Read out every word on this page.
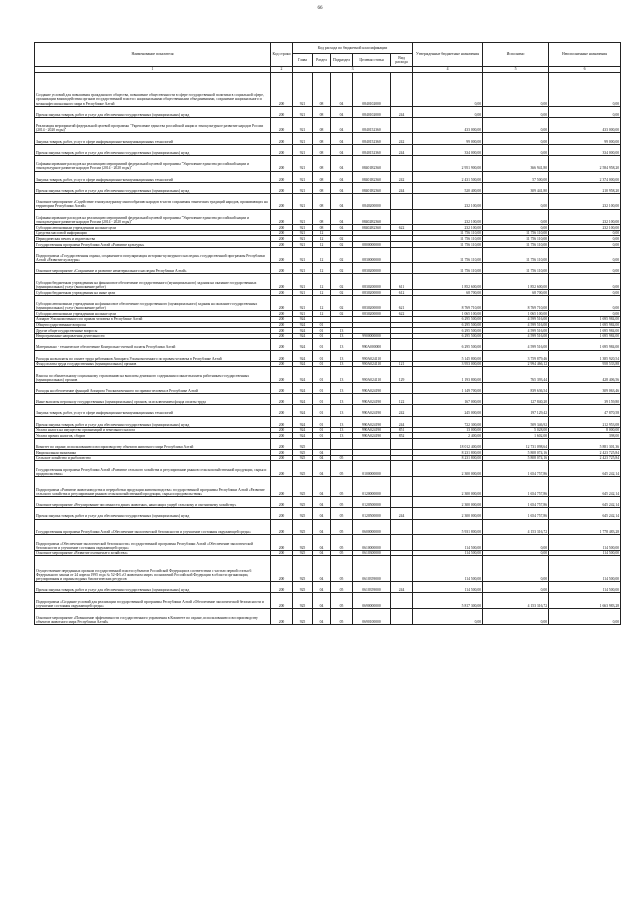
66
Наименование показателя	Код строки	Код расхода по бюджетной классификации					Утвержденные бюджетные назначения	Исполнено	Неисполненные назначения
		Глава	Раздел	Подраздел	Целевая статья	Вид расхода			
1	2	3					4	5	6
Создание условий для повышения гражданского общества, повышение общественности в сфере государственной политики в социальной сфере, организации взаимодействия органов государственной власти с национальными общественными объединениями, сохранение национального и межконфессионального мира в Республике Алтай	200	921	08	04	0840102000		0,00	0,00	0,00
Прочая закупка товаров, работ и услуг для обеспечения государственных (муниципальных) нужд	200	921	08	04	0840102000	244	0,00	0,00	0,00
Реализация мероприятий федеральной целевой программы "Укрепление единства российской нации и этнокультурное развитие народов России (2014 - 2020 годы)"	200	921	08	04	0840152360		433 000,00	0,00	433 000,00
Закупка товаров, работ, услуг в сфере информационно-коммуникационных технологий	200	921	08	04	0840152360	242	99 000,00	0,00	99 000,00
Прочая закупка товаров, работ и услуг для обеспечения государственных (муниципальных) нужд	200	921	08	04	0840152360	244	334 000,00	0,00	334 000,00
Софинансирование расходов на реализацию мероприятий федеральной целевой программы "Укрепление единства российской нации и этнокультурное развитие народов России (2014 - 2020 годы)"	200	921	08	04	08401R2360		2 951 900,00	366 941,80	2 584 958,20
Закупка товаров, работ, услуг в сфере информационно-коммуникационных технологий	200	921	08	04	08401R2360	242	2 431 500,00	57 500,00	2 374 000,00
Прочая закупка товаров, работ и услуг для обеспечения государственных (муниципальных) нужд	200	921	08	04	08401R2360	244	520 400,00	309 441,80	210 958,20
Основное мероприятие «Содействие этнокультурному многообразию народов в части сохранения этнических традиций народов, проживающих на территории Республики Алтай»	200	921	08	04	0840200000		232 100,00	0,00	232 100,00
Софинансирование расходов на реализацию мероприятий федеральной целевой программы "Укрепление единства российской нации и этнокультурное развитие народов России (2014 - 2020 годы)"	200	921	08	04	08402R2360		232 100,00	0,00	232 100,00
Субсидии автономным учреждениям на иные цели	200	921	08	04	08402R2360	622	232 100,00	0,00	232 100,00
Средства массовой информации	200	921	12				11 756 110,00	11 756 110,00	0,00
Периодическая печать и издательства	200	921	12	02			11 756 110,00	11 756 110,00	0,00
Государственная программа Республики Алтай «Развитие культуры»	200	921	12	02	0800000000		11 756 110,00	11 756 110,00	0,00
Подпрограмма «Государственная охрана, сохранение и популяризация историко-культурного наследия» государственной программы Республики Алтай «Развитие культуры»	200	921	12	02	0830000000		11 756 110,00	11 756 110,00	0,00
Основное мероприятие «Сохранение и развитие нематериального наследия Республики Алтай»	200	921	12	02	0830200000		11 756 110,00	11 756 110,00	0,00
Субсидии бюджетным учреждениям на финансовое обеспечение государственного (муниципального) задания на оказание государственных (муниципальных) услуг (выполнение работ)	200	921	12	02	0830200000	611	1 852 600,00	1 852 600,00	0,00
Субсидии бюджетным учреждениям на иные цели	200	921	12	02	0830200000	612	68 700,00	68 700,00	0,00
Субсидии автономным учреждениям на финансовое обеспечение государственного (муниципального) задания на оказание государственных (муниципальных) услуг (выполнение работ)	200	921	12	02	0830200000	621	8 769 710,00	8 769 710,00	0,00
Субсидии автономным учреждениям на иные цели	200	921	12	02	0830200000	622	1 065 100,00	1 065 100,00	0,00
Аппарат Уполномоченного по правам человека в Республике Алтай	200	924					6 295 500,00	4 599 516,00	1 695 984,00
Общегосударственные вопросы	200	924	01				6 295 500,00	4 599 516,00	1 695 984,00
Другие общегосударственные вопросы	200	924	01	13			6 295 500,00	4 599 516,00	1 695 984,00
Непрограммные направления деятельности	200	924	01	13	9900000000		6 295 500,00	4 599 516,00	1 695 984,00
Материально - техническое обеспечение Контрольно-счетной палаты Республики Алтай	200	924	01	13	990A000000		6 295 500,00	4 599 516,00	1 695 984,00
Расходы на выплаты по оплате труда работников Аппарата Уполномоченного по правам человека в Республике Алтай	200	924	01	13	990A024110		5 145 800,00	3 759 879,46	1 385 920,54
Фонд оплаты труда государственных (муниципальных) органов	200	924	01	13	990A024110	121	3 953 000,00	2 994 466,12	958 533,88
Взносы по обязательному социальному страхованию на выплаты денежного содержания и иные выплаты работникам государственных (муниципальных) органов	200	924	01	13	990A024110	129	1 193 800,00	765 393,44	428 406,56
Расходы на обеспечение функций Аппарата Уполномоченного по правам человека в Республике Алтай	200	924	01	13	990A024190		1 149 700,00	839 636,54	309 063,46
Иные выплаты персоналу государственных (муниципальных) органов, за исключением фонда оплаты труда	200	924	01	13	990A024190	122	167 000,00	127 840,20	39 159,80
Закупка товаров, работ, услуг в сфере информационно-коммуникационных технологий	200	924	01	13	990A024190	242	245 000,00	197 129,42	47 870,58
Прочая закупка товаров, работ и услуг для обеспечения государственных (муниципальных) нужд	200	924	01	13	990A024190	244	722 300,00	509 346,92	212 953,08
Уплата налога на имущество организаций и земельного налога	200	924	01	13	990A024190	851	13 000,00	5 028,00	8 000,00
Уплата прочих налогов, сборов	200	924	01	13	990A024190	852	2 400,00	1 602,00	398,00
Комитет по охране, использованию и воспроизводству объектов животного мира Республики Алтай	200	925					18 012 400,00	12 731 098,64	5 881 301,36
Национальная экономика	200	925	04				8 231 800,00	5 808 074,16	2 423 725,84
Сельское хозяйство и рыболовство	200	925	04	05			8 231 800,00	5 808 074,16	2 423 725,84
Государственная программа Республики Алтай «Развитие сельского хозяйства и регулирование рынков сельскохозяйственной продукции, сырья и продовольствия»	200	925	04	05	0100000000		2 300 000,00	1 654 757,86	645 242,14
Подпрограмма «Развитие животноводства и переработки продукции животноводства» государственной программы Республики Алтай «Развитие сельского хозяйства и регулирование рынков сельскохозяйственной продукции, сырья и продовольствия»	200	925	04	05	0120000000		2 300 000,00	1 654 757,86	645 242,14
Основное мероприятие «Регулирование численности диких животных, наносящих ущерб сельскому и охотничьему хозяйству»	200	925	04	05	0120500000		2 300 000,00	1 654 757,86	645 242,14
Прочая закупка товаров, работ и услуг для обеспечения государственных (муниципальных) нужд	200	925	04	05	0120500000	244	2 300 000,00	1 654 757,86	645 242,14
Государственная программа Республики Алтай «Обеспечение экологической безопасности и улучшение состояния окружающей среды»	200	925	04	05	0600000000		5 931 800,00	4 153 316,72	1 778 483,28
Подпрограмма «Обеспечение экологической безопасности» государственной программы Республики Алтай «Обеспечение экологической безопасности и улучшение состояния окружающей среды»	200	925	04	05	0610000000		114 500,00	0,00	114 500,00
Основное мероприятие «Развитие охотничьего хозяйства»	200	925	04	05	0610300000		114 500,00	0,00	114 500,00
Осуществление переданных органам государственной власти субъектов Российской Федерации в соответствии с частью первой статьи 6 Федерального закона от 24 апреля 1995 года № 52-ФЗ «О животном мире» полномочий Российской Федерации в области организации, регулирования и охраны водных биологических ресурсов	200	925	04	05	0610359000		114 500,00	0,00	114 500,00
Прочая закупка товаров, работ и услуг для обеспечения государственных (муниципальных) нужд	200	925	04	05	0610359000	244	114 500,00	0,00	114 500,00
Подпрограмма «Создание условий для реализации государственной программы Республики Алтай «Обеспечение экологической безопасности и улучшение состояния окружающей среды»	200	925	04	05	0690000000		5 817 300,00	4 153 316,72	1 663 983,28
Основное мероприятие «Повышение эффективности государственного управления в Комитете по охране, использованию и воспроизводству объектов животного мира Республики Алтай»	200	925	04	05	0690100000		0,00	0,00	0,00
